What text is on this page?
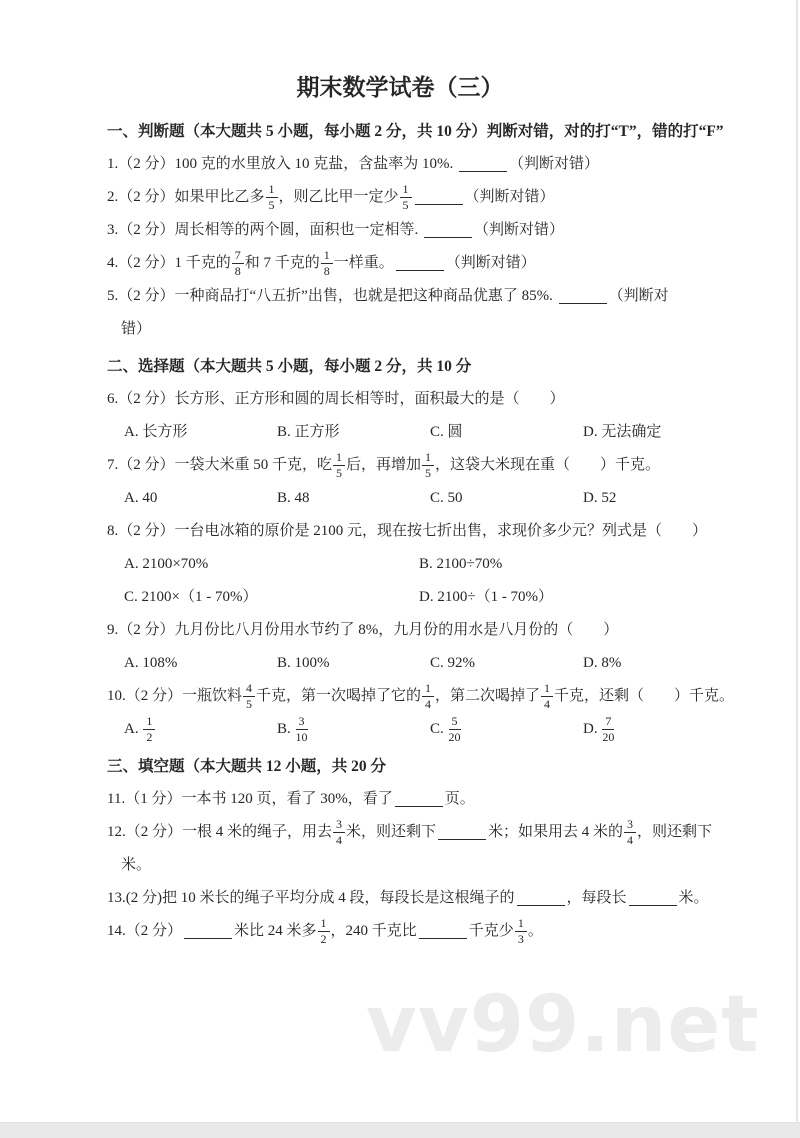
vv99.net
期末数学试卷（三）
一、判断题（本大题共 5 小题，每小题 2 分，共 10 分）判断对错，对的打“T”，错的打“F”

1.（2 分）100 克的水里放入 10 克盐，含盐率为 10%.	（判断对错）

2.（2 分）如果甲比乙多 $\frac{1}{5}$ ，则乙比甲一定少 $\frac{1}{5}$	（判断对错）

3.（2 分）周长相等的两个圆，面积也一定相等.	（判断对错）

4.（2 分）1 千克的 $\frac{7}{8}$ 和 7 千克的 $\frac{1}{8}$ 一样重。	（判断对错）

5.（2 分）一种商品打“八五折”出售，也就是把这种商品优惠了 85%.	（判断对
错）

二、选择题（本大题共 5 小题，每小题 2 分，共 10 分

6.（2 分）长方形、正方形和圆的周长相等时，面积最大的是（　　）

A. 长方形	B. 正方形	C. 圆	D. 无法确定

7.（2 分）一袋大米重 50 千克，吃 $\frac{1}{5}$ 后，再增加 $\frac{1}{5}$ ，这袋大米现在重（　　）千克。

A. 40	B. 48	C. 50	D. 52

8.（2 分）一台电冰箱的原价是 2100 元，现在按七折出售，求现价多少元？列式是（　　）

A. 2100×70%	B. 2100÷70%
C. 2100×（1 - 70%）	D. 2100÷（1 - 70%）

9.（2 分）九月份比八月份用水节约了 8%，九月份的用水是八月份的（　　）

A. 108%	B. 100%	C. 92%	D. 8%

10.（2 分）一瓶饮料 $\frac{4}{5}$ 千克，第一次喝掉了它的 $\frac{1}{4}$ ，第二次喝掉了 $\frac{1}{4}$ 千克，还剩（　　）千克。

A. $\frac{1}{2}$	B. $\frac{3}{10}$	C. $\frac{5}{20}$	D. $\frac{7}{20}$
三、填空题（本大题共 12 小题，共 20 分

11.（1 分）一本书 120 页，看了 30%，看了	页。

12.（2 分）一根 4 米的绳子，用去 $\frac{3}{4}$ 米，则还剩下	米；如果用去 4 米的 $\frac{3}{4}$ ，则还剩下
米。

13.(2 分)把 10 米长的绳子平均分成 4 段，每段长是这根绳子的	，每段长	米。

14.（2 分）	米比 24 米多 $\frac{1}{2}$ ，240 千克比	千克少 $\frac{1}{3}$ 。
